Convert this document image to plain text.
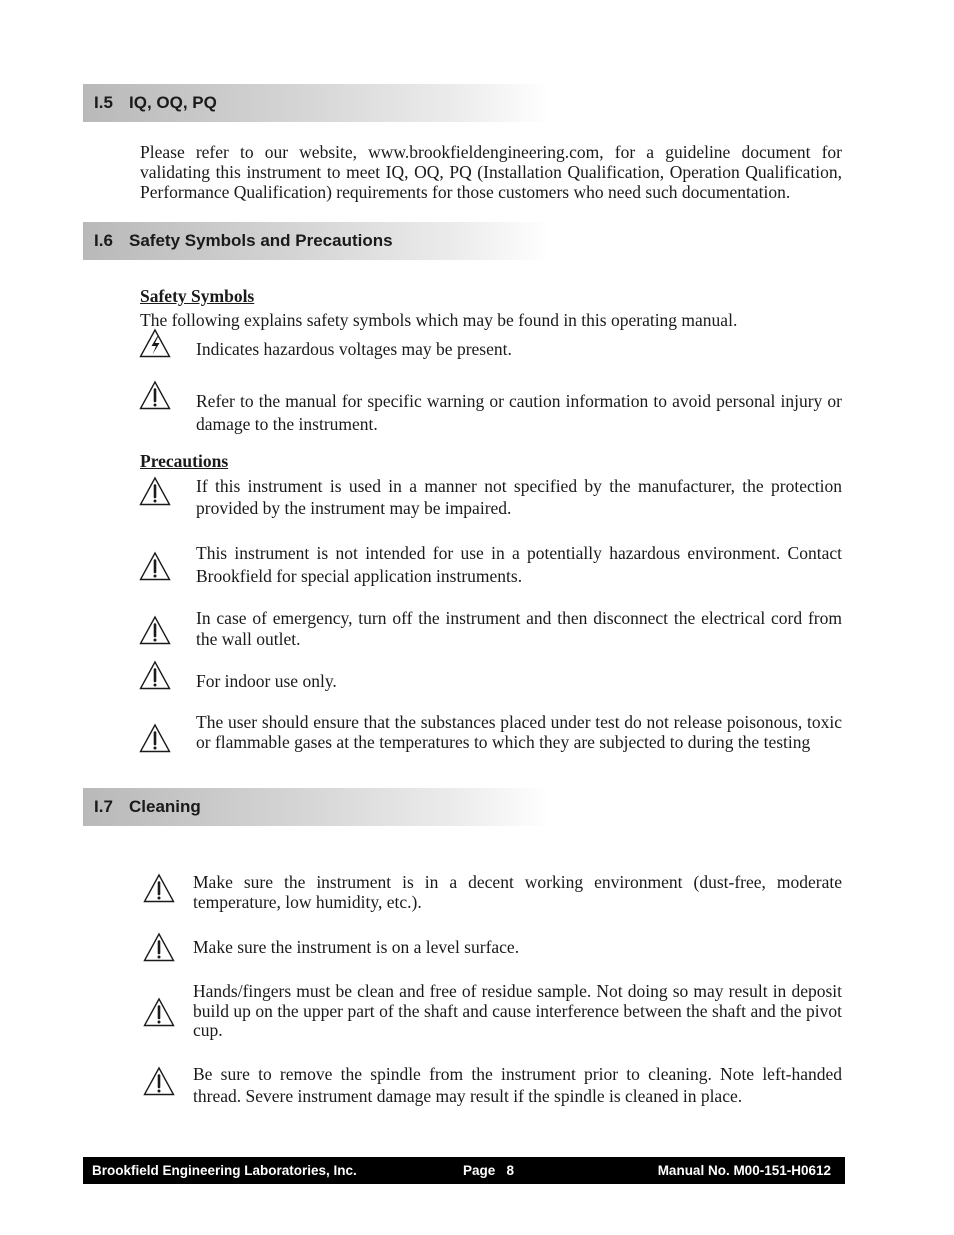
I.5 IQ, OQ, PQ
Please refer to our website, www.brookfieldengineering.com, for a guideline document for validating this instrument to meet IQ, OQ, PQ (Installation Qualification, Operation Qualification, Performance Qualification) requirements for those customers who need such documentation.
I.6 Safety Symbols and Precautions
Safety Symbols
The following explains safety symbols which may be found in this operating manual.
Indicates hazardous voltages may be present.
Refer to the manual for specific warning or caution information to avoid personal injury or damage to the instrument.
Precautions
If this instrument is used in a manner not specified by the manufacturer, the protection provided by the instrument may be impaired.
This instrument is not intended for use in a potentially hazardous environment. Contact Brookfield for special application instruments.
In case of emergency, turn off the instrument and then disconnect the electrical cord from the wall outlet.
For indoor use only.
The user should ensure that the substances placed under test do not release poisonous, toxic or flammable gases at the temperatures to which they are subjected to during the testing
I.7 Cleaning
Make sure the instrument is in a decent working environment (dust-free, moderate temperature, low humidity, etc.).
Make sure the instrument is on a level surface.
Hands/fingers must be clean and free of residue sample. Not doing so may result in deposit build up on the upper part of the shaft and cause interference between the shaft and the pivot cup.
Be sure to remove the spindle from the instrument prior to cleaning. Note left-handed thread. Severe instrument damage may result if the spindle is cleaned in place.
Brookfield Engineering Laboratories, Inc.	Page   8	Manual No. M00-151-H0612
